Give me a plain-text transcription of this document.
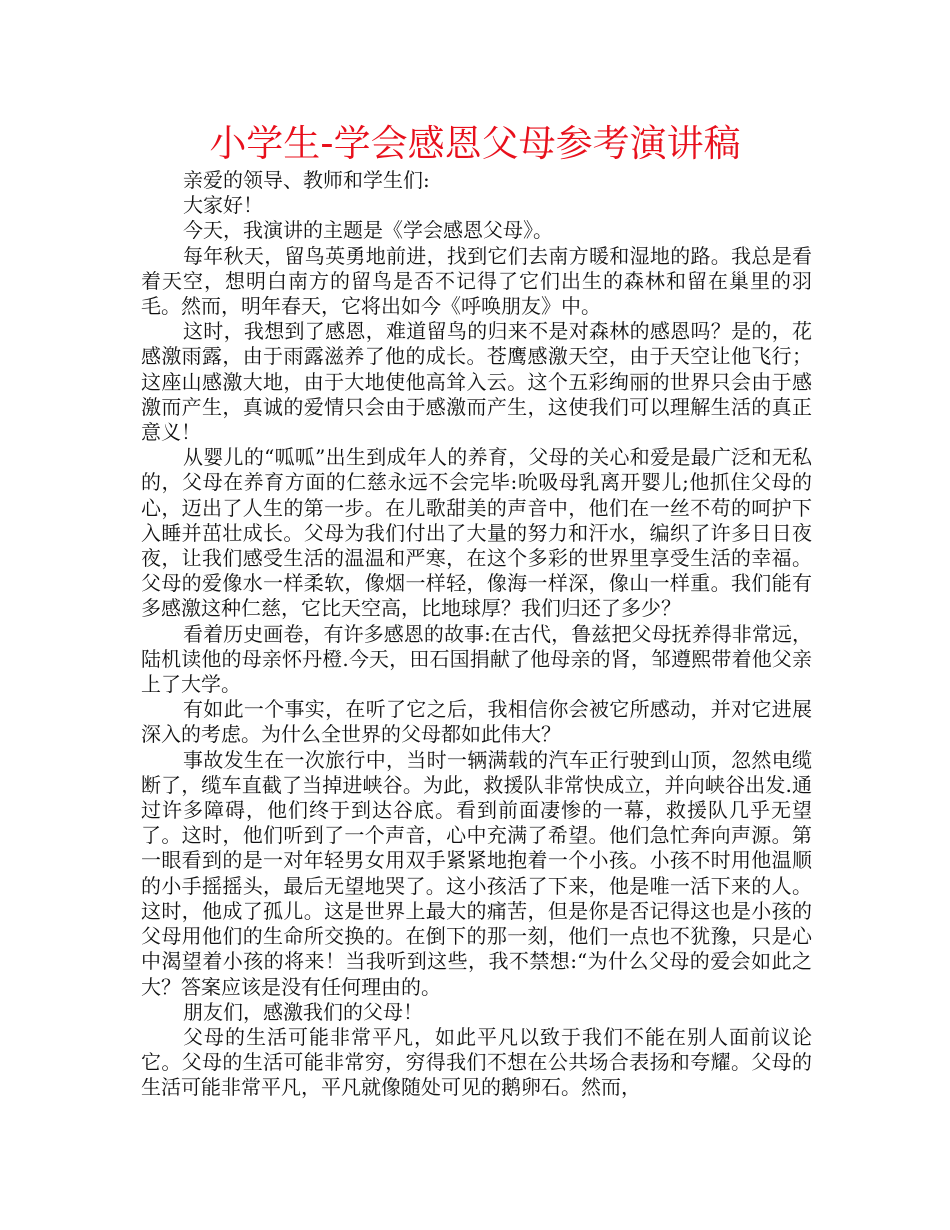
小学生-学会感恩父母参考演讲稿

亲爱的领导、教师和学生们:

大家好！

今天，我演讲的主题是《学会感恩父母》。

每年秋天，留鸟英勇地前进，找到它们去南方暖和湿地的路。我总是看着天空，想明白南方的留鸟是否不记得了它们出生的森林和留在巢里的羽毛。然而，明年春天，它将出如今《呼唤朋友》中。

这时，我想到了感恩，难道留鸟的归来不是对森林的感恩吗？是的，花感激雨露，由于雨露滋养了他的成长。苍鹰感激天空，由于天空让他飞行；这座山感激大地，由于大地使他高耸入云。这个五彩绚丽的世界只会由于感激而产生，真诚的爱情只会由于感激而产生，这使我们可以理解生活的真正意义！

从婴儿的“呱呱”出生到成年人的养育，父母的关心和爱是最广泛和无私的，父母在养育方面的仁慈永远不会完毕:吮吸母乳离开婴儿;他抓住父母的心，迈出了人生的第一步。在儿歌甜美的声音中，他们在一丝不苟的呵护下入睡并茁壮成长。父母为我们付出了大量的努力和汗水，编织了许多日日夜夜，让我们感受生活的温温和严寒，在这个多彩的世界里享受生活的幸福。父母的爱像水一样柔软，像烟一样轻，像海一样深，像山一样重。我们能有多感激这种仁慈，它比天空高，比地球厚？我们归还了多少？

看着历史画卷，有许多感恩的故事:在古代，鲁兹把父母抚养得非常远，陆机读他的母亲怀丹橙.今天，田石国捐献了他母亲的肾，邹遵熙带着他父亲上了大学。

有如此一个事实，在听了它之后，我相信你会被它所感动，并对它进展深入的考虑。为什么全世界的父母都如此伟大？

事故发生在一次旅行中，当时一辆满载的汽车正行驶到山顶，忽然电缆断了，缆车直截了当掉进峡谷。为此，救援队非常快成立，并向峡谷出发.通过许多障碍，他们终于到达谷底。看到前面凄惨的一幕，救援队几乎无望了。这时，他们听到了一个声音，心中充满了希望。他们急忙奔向声源。第一眼看到的是一对年轻男女用双手紧紧地抱着一个小孩。小孩不时用他温顺的小手摇摇头，最后无望地哭了。这小孩活了下来，他是唯一活下来的人。这时，他成了孤儿。这是世界上最大的痛苦，但是你是否记得这也是小孩的父母用他们的生命所交换的。在倒下的那一刻，他们一点也不犹豫，只是心中渴望着小孩的将来！当我听到这些，我不禁想:“为什么父母的爱会如此之大？答案应该是没有任何理由的。

朋友们，感激我们的父母！

父母的生活可能非常平凡，如此平凡以致于我们不能在别人面前议论它。父母的生活可能非常穷，穷得我们不想在公共场合表扬和夸耀。父母的生活可能非常平凡，平凡就像随处可见的鹅卵石。然而，
